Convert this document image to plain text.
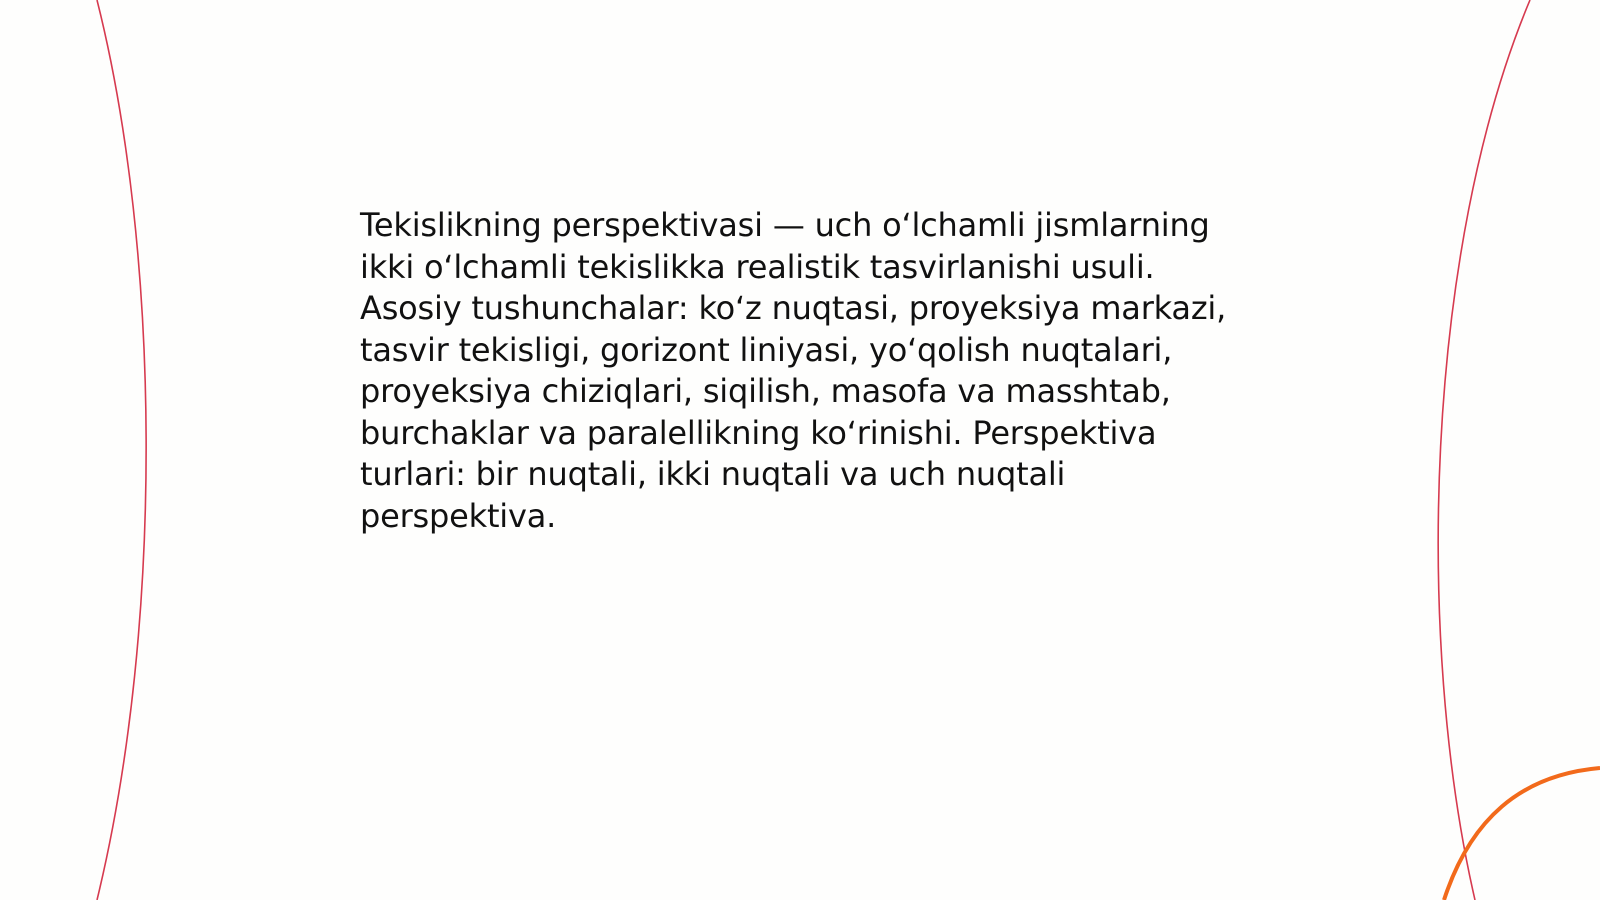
Tekislikning perspektivasi — uch oʻlchamli jismlarning ikki oʻlchamli tekislikka realistik tasvirlanishi usuli. Asosiy tushunchalar: koʻz nuqtasi, proyeksiya markazi, tasvir tekisligi, gorizont liniyasi, yoʻqolish nuqtalari, proyeksiya chiziqlari, siqilish, masofa va masshtab, burchaklar va paralellikning koʻrinishi. Perspektiva turlari: bir nuqtali, ikki nuqtali va uch nuqtali perspektiva.
